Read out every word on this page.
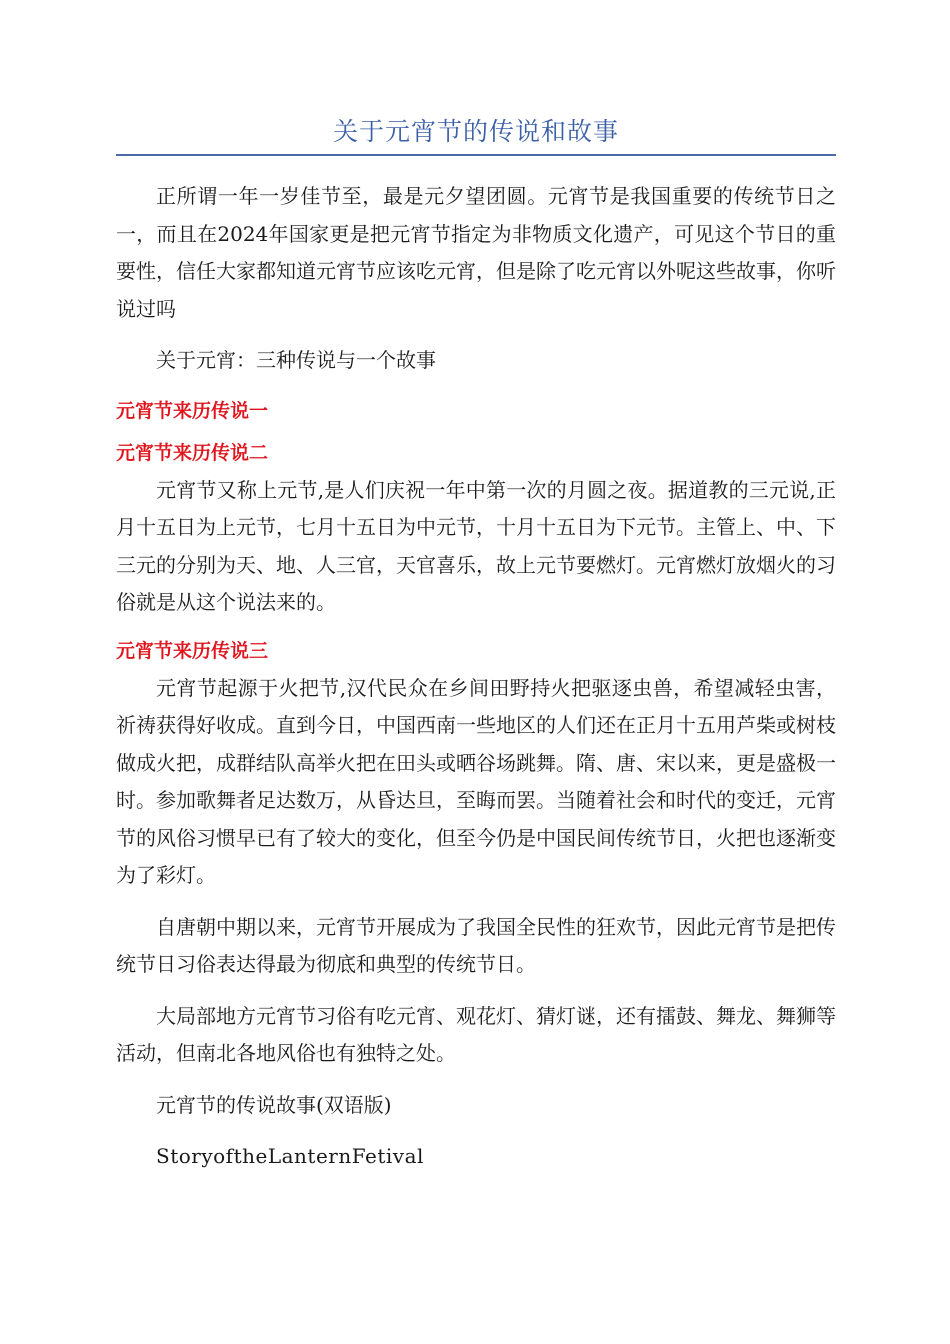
关于元宵节的传说和故事

正所谓一年一岁佳节至，最是元夕望团圆。元宵节是我国重要的传统节日之一，而且在2024年国家更是把元宵节指定为非物质文化遗产，可见这个节日的重要性，信任大家都知道元宵节应该吃元宵，但是除了吃元宵以外呢这些故事，你听说过吗

关于元宵：三种传说与一个故事

元宵节来历传说一

元宵节来历传说二

元宵节又称上元节,是人们庆祝一年中第一次的月圆之夜。据道教的三元说,正月十五日为上元节，七月十五日为中元节，十月十五日为下元节。主管上、中、下三元的分别为天、地、人三官，天官喜乐，故上元节要燃灯。元宵燃灯放烟火的习俗就是从这个说法来的。

元宵节来历传说三

元宵节起源于火把节,汉代民众在乡间田野持火把驱逐虫兽，希望减轻虫害，祈祷获得好收成。直到今日，中国西南一些地区的人们还在正月十五用芦柴或树枝做成火把，成群结队高举火把在田头或晒谷场跳舞。隋、唐、宋以来，更是盛极一时。参加歌舞者足达数万，从昏达旦，至晦而罢。当随着社会和时代的变迁，元宵节的风俗习惯早已有了较大的变化，但至今仍是中国民间传统节日，火把也逐渐变为了彩灯。

自唐朝中期以来，元宵节开展成为了我国全民性的狂欢节，因此元宵节是把传统节日习俗表达得最为彻底和典型的传统节日。

大局部地方元宵节习俗有吃元宵、观花灯、猜灯谜，还有擂鼓、舞龙、舞狮等活动，但南北各地风俗也有独特之处。

元宵节的传说故事(双语版)

StoryoftheLanternFetival
